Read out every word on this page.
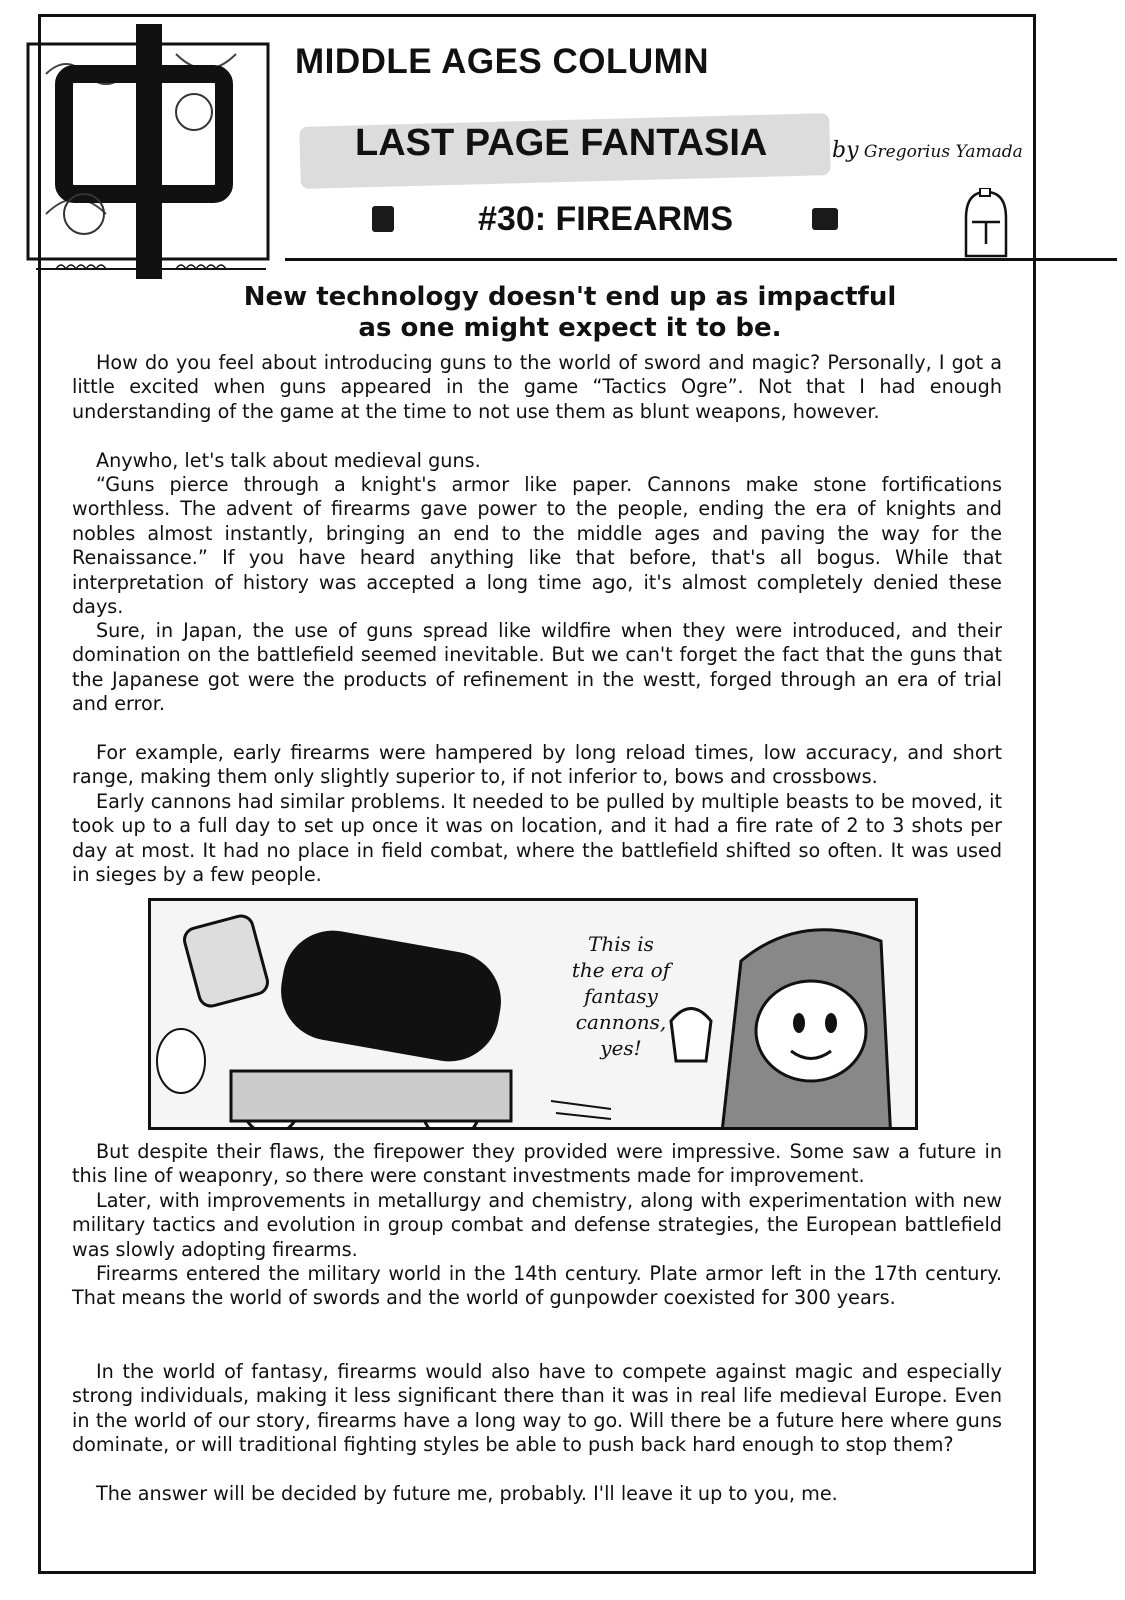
MIDDLE AGES COLUMN
LAST PAGE FANTASIA	by Gregorius Yamada
#30: FIREARMS
New technology doesn't end up as impactful
as one might expect it to be.

How do you feel about introducing guns to the world of sword and magic? Personally, I got a little excited when guns appeared in the game “Tactics Ogre”. Not that I had enough understanding of the game at the time to not use them as blunt weapons, however.

Anywho, let's talk about medieval guns.

“Guns pierce through a knight's armor like paper. Cannons make stone fortifications worthless. The advent of firearms gave power to the people, ending the era of knights and nobles almost instantly, bringing an end to the middle ages and paving the way for the Renaissance.” If you have heard anything like that before, that's all bogus. While that interpretation of history was accepted a long time ago, it's almost completely denied these days.

Sure, in Japan, the use of guns spread like wildfire when they were introduced, and their domination on the battlefield seemed inevitable. But we can't forget the fact that the guns that the Japanese got were the products of refinement in the westt, forged through an era of trial and error.

For example, early firearms were hampered by long reload times, low accuracy, and short range, making them only slightly superior to, if not inferior to, bows and crossbows.

Early cannons had similar problems. It needed to be pulled by multiple beasts to be moved, it took up to a full day to set up once it was on location, and it had a fire rate of 2 to 3 shots per day at most. It had no place in field combat, where the battlefield shifted so often. It was used in sieges by a few people.

This is
the era of
fantasy
cannons,
yes!

But despite their flaws, the firepower they provided were impressive. Some saw a future in this line of weaponry, so there were constant investments made for improvement.

Later, with improvements in metallurgy and chemistry, along with experimentation with new military tactics and evolution in group combat and defense strategies, the European battlefield was slowly adopting firearms.

Firearms entered the military world in the 14th century. Plate armor left in the 17th century. That means the world of swords and the world of gunpowder coexisted for 300 years.

In the world of fantasy, firearms would also have to compete against magic and especially strong individuals, making it less significant there than it was in real life medieval Europe. Even in the world of our story, firearms have a long way to go. Will there be a future here where guns dominate, or will traditional fighting styles be able to push back hard enough to stop them?

The answer will be decided by future me, probably. I'll leave it up to you, me.
